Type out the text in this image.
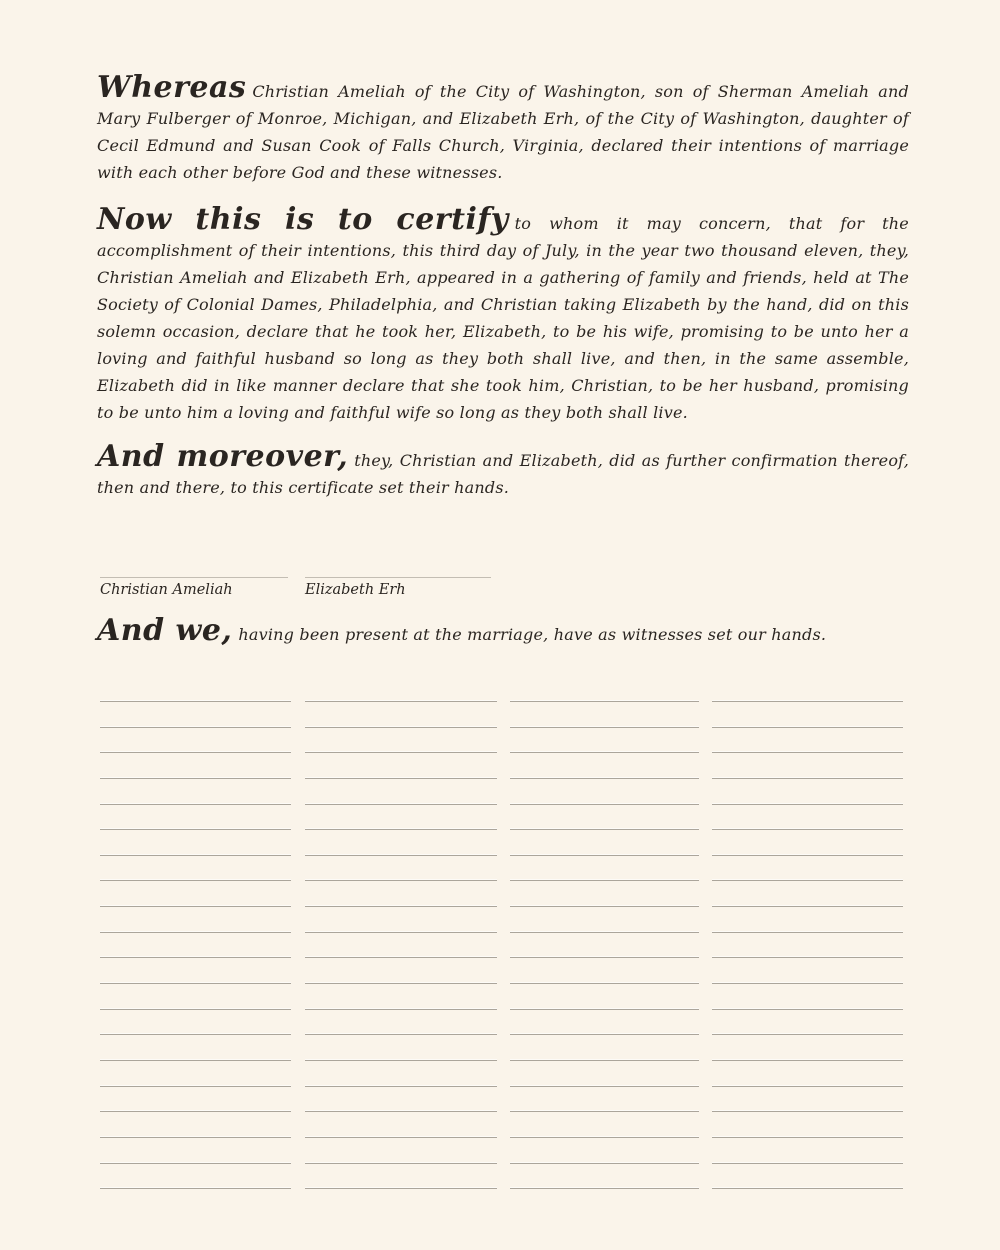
Whereas Christian Ameliah of the City of Washington, son of Sherman Ameliah and Mary Fulberger of Monroe, Michigan, and Elizabeth Erh, of the City of Washington, daughter of Cecil Edmund and Susan Cook of Falls Church, Virginia, declared their intentions of marriage with each other before God and these witnesses.
Now this is to certify to whom it may concern, that for the accomplishment of their intentions, this third day of July, in the year two thousand eleven, they, Christian Ameliah and Elizabeth Erh, appeared in a gathering of family and friends, held at The Society of Colonial Dames, Philadelphia, and Christian taking Elizabeth by the hand, did on this solemn occasion, declare that he took her, Elizabeth, to be his wife, promising to be unto her a loving and faithful husband so long as they both shall live, and then, in the same assemble, Elizabeth did in like manner declare that she took him, Christian, to be her husband, promising to be unto him a loving and faithful wife so long as they both shall live.
And moreover, they, Christian and Elizabeth, did as further confirmation thereof, then and there, to this certificate set their hands.
Christian Ameliah	Elizabeth Erh
And we, having been present at the marriage, have as witnesses set our hands.
